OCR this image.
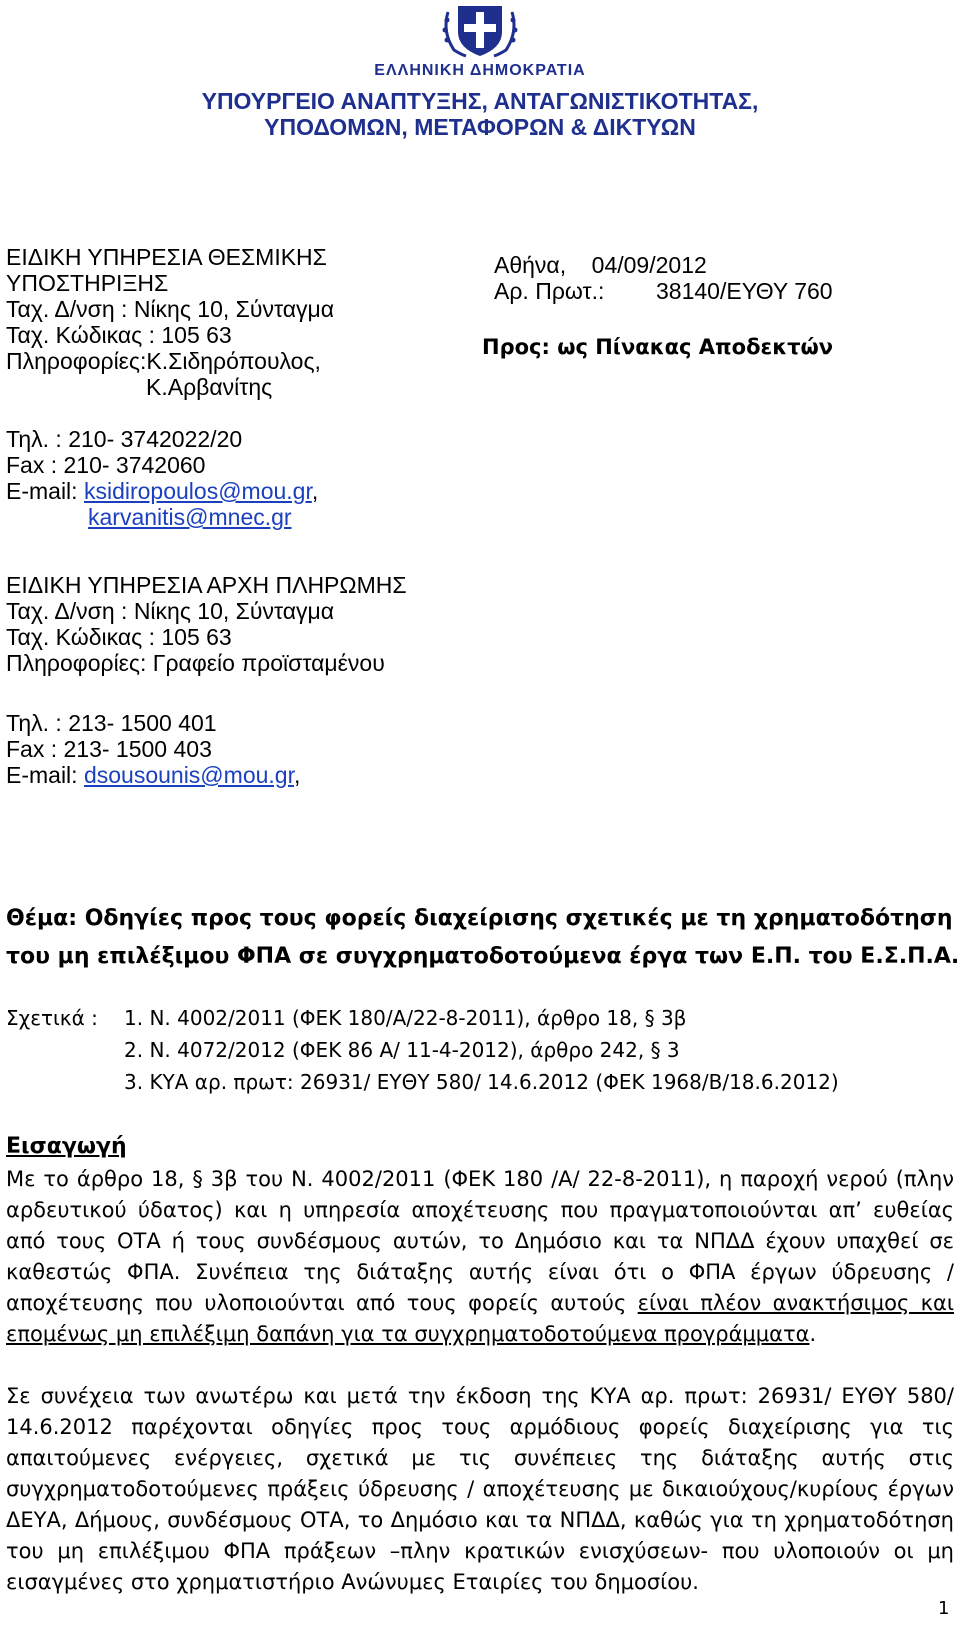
ΕΛΛΗΝΙΚΗ ΔΗΜΟΚΡΑΤΙΑ
ΥΠΟΥΡΓΕΙΟ ΑΝΑΠΤΥΞΗΣ, ΑΝΤΑΓΩΝΙΣΤΙΚΟΤΗΤΑΣ,
ΥΠΟΔΟΜΩΝ, ΜΕΤΑΦΟΡΩΝ & ΔΙΚΤΥΩΝ
ΕΙΔΙΚΗ ΥΠΗΡΕΣΙΑ ΘΕΣΜΙΚΗΣ
ΥΠΟΣΤΗΡΙΞΗΣ
Ταχ. Δ/νση : Νίκης 10, Σύνταγμα
Ταχ. Κώδικας : 105 63
Πληροφορίες:Κ.Σιδηρόπουλος,
Κ.Αρβανίτης
Τηλ. : 210- 3742022/20
Fax : 210- 3742060
E-mail: ksidiropoulos@mou.gr,
karvanitis@mnec.gr
ΕΙΔΙΚΗ ΥΠΗΡΕΣΙΑ ΑΡΧΗ ΠΛΗΡΩΜΗΣ
Ταχ. Δ/νση : Νίκης 10, Σύνταγμα
Ταχ. Κώδικας : 105 63
Πληροφορίες: Γραφείο προϊσταμένου
Τηλ. : 213- 1500 401
Fax : 213- 1500 403
E-mail: dsousounis@mou.gr,
Αθήνα,    04/09/2012
Αρ. Πρωτ.: 38140/ΕΥΘΥ 760
Προς: ως Πίνακας Αποδεκτών
Θέμα: Οδηγίες προς τους φορείς διαχείρισης σχετικές με τη χρηματοδότηση
του μη επιλέξιμου ΦΠΑ σε συγχρηματοδοτούμενα έργα των Ε.Π. του Ε.Σ.Π.Α.
Σχετικά : 1. Ν. 4002/2011 (ΦΕΚ 180/Α/22-8-2011), άρθρο 18, § 3β
2. Ν. 4072/2012 (ΦΕΚ 86 Α/ 11-4-2012), άρθρο 242, § 3
3. ΚΥΑ αρ. πρωτ: 26931/ ΕΥΘΥ 580/ 14.6.2012 (ΦΕΚ 1968/Β/18.6.2012)
Εισαγωγή
Με το άρθρο 18, § 3β του Ν. 4002/2011 (ΦΕΚ 180 /Α/ 22-8-2011), η παροχή νερού (πλην αρδευτικού ύδατος) και η υπηρεσία αποχέτευσης που πραγματοποιούνται απ’ ευθείας από τους ΟΤΑ ή τους συνδέσμους αυτών, το Δημόσιο και τα ΝΠΔΔ έχουν υπαχθεί σε καθεστώς ΦΠΑ. Συνέπεια της διάταξης αυτής είναι ότι ο ΦΠΑ έργων ύδρευσης / αποχέτευσης που υλοποιούνται από τους φορείς αυτούς είναι πλέον ανακτήσιμος και επομένως μη επιλέξιμη δαπάνη για τα συγχρηματοδοτούμενα προγράμματα.
Σε συνέχεια των ανωτέρω και μετά την έκδοση της ΚΥΑ αρ. πρωτ: 26931/ ΕΥΘΥ 580/ 14.6.2012 παρέχονται οδηγίες προς τους αρμόδιους φορείς διαχείρισης για τις απαιτούμενες ενέργειες, σχετικά με τις συνέπειες της διάταξης αυτής στις συγχρηματοδοτούμενες πράξεις ύδρευσης / αποχέτευσης με δικαιούχους/κυρίους έργων ΔΕΥΑ, Δήμους, συνδέσμους ΟΤΑ, το Δημόσιο και τα ΝΠΔΔ, καθώς για τη χρηματοδότηση του μη επιλέξιμου ΦΠΑ πράξεων –πλην κρατικών ενισχύσεων- που υλοποιούν οι μη εισαγμένες στο χρηματιστήριο Ανώνυμες Εταιρίες του δημοσίου.
1
